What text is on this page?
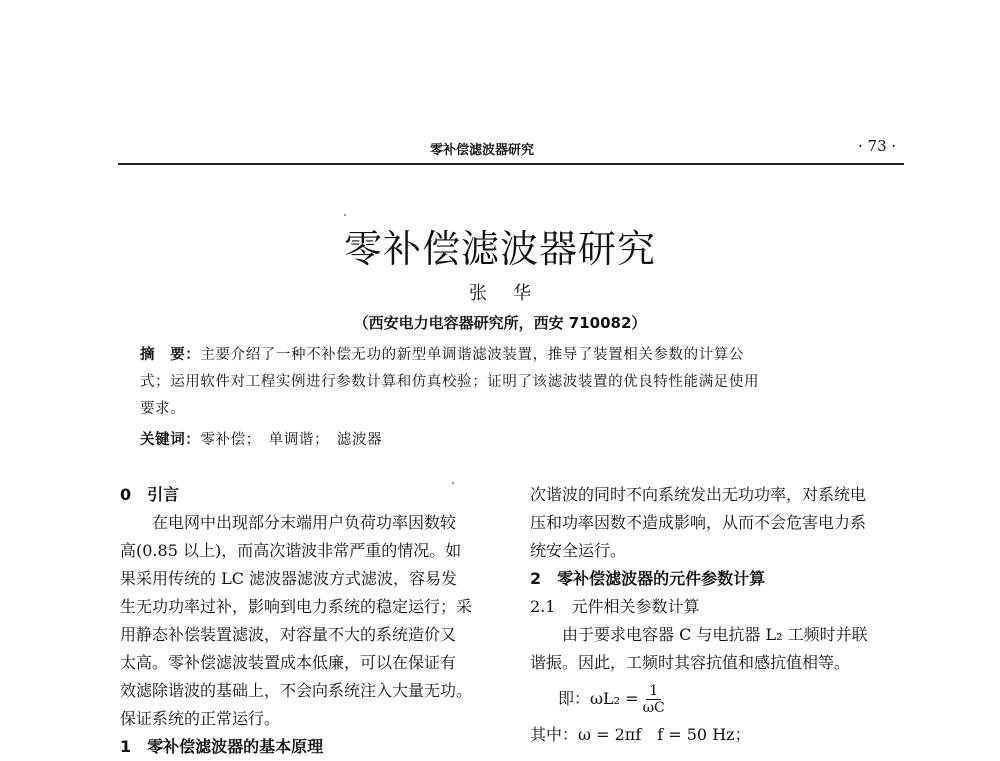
零补偿滤波器研究	· 73 ·
零补偿滤波器研究
张华
（西安电力电容器研究所，西安 710082）
摘　要：主要介绍了一种不补偿无功的新型单调谐滤波装置，推导了装置相关参数的计算公
式；运用软件对工程实例进行参数计算和仿真校验；证明了该滤波装置的优良特性能满足使用
要求。
关键词：零补偿；　单调谐；　滤波器

0　引言

在电网中出现部分末端用户负荷功率因数较

高(0.85 以上)，而高次谐波非常严重的情况。如

果采用传统的 LC 滤波器滤波方式滤波，容易发

生无功功率过补，影响到电力系统的稳定运行；采

用静态补偿装置滤波，对容量不大的系统造价又

太高。零补偿滤波装置成本低廉，可以在保证有

效滤除谐波的基础上，不会向系统注入大量无功。

保证系统的正常运行。

1　零补偿滤波器的基本原理

次谐波的同时不向系统发出无功功率，对系统电

压和功率因数不造成影响，从而不会危害电力系

统安全运行。

2　零补偿滤波器的元件参数计算

2.1　元件相关参数计算

由于要求电容器 C 与电抗器 L₂ 工频时并联

谐振。因此，工频时其容抗值和感抗值相等。

即：$\omega L_2 = \frac{1}{\omega C}$

其中：ω = 2πf　f = 50 Hz；
